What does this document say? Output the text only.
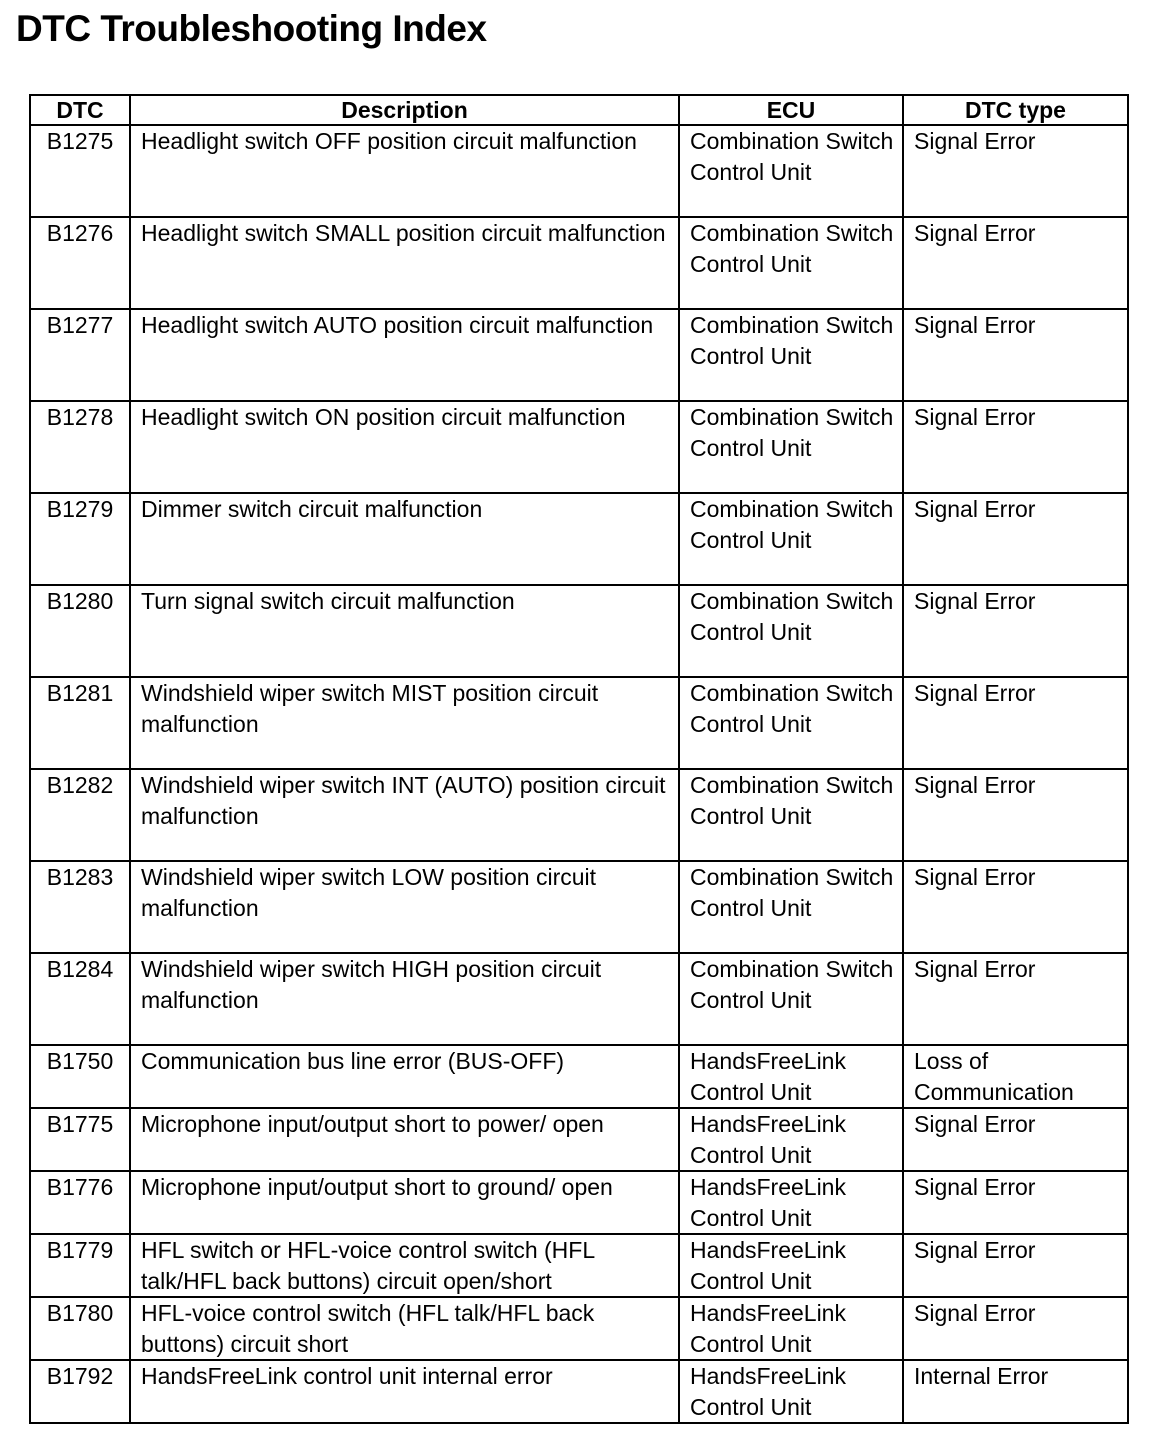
DTC Troubleshooting Index
DTC	Description	ECU	DTC type
B1275	Headlight switch OFF position circuit malfunction	Combination Switch Control Unit	Signal Error
B1276	Headlight switch SMALL position circuit malfunction	Combination Switch Control Unit	Signal Error
B1277	Headlight switch AUTO position circuit malfunction	Combination Switch Control Unit	Signal Error
B1278	Headlight switch ON position circuit malfunction	Combination Switch Control Unit	Signal Error
B1279	Dimmer switch circuit malfunction	Combination Switch Control Unit	Signal Error
B1280	Turn signal switch circuit malfunction	Combination Switch Control Unit	Signal Error
B1281	Windshield wiper switch MIST position circuit malfunction	Combination Switch Control Unit	Signal Error
B1282	Windshield wiper switch INT (AUTO) position circuit malfunction	Combination Switch Control Unit	Signal Error
B1283	Windshield wiper switch LOW position circuit malfunction	Combination Switch Control Unit	Signal Error
B1284	Windshield wiper switch HIGH position circuit malfunction	Combination Switch Control Unit	Signal Error
B1750	Communication bus line error (BUS-OFF)	HandsFreeLink Control Unit	Loss of Communication
B1775	Microphone input/output short to power/ open	HandsFreeLink Control Unit	Signal Error
B1776	Microphone input/output short to ground/ open	HandsFreeLink Control Unit	Signal Error
B1779	HFL switch or HFL-voice control switch (HFL talk/HFL back buttons) circuit open/short	HandsFreeLink Control Unit	Signal Error
B1780	HFL-voice control switch (HFL talk/HFL back buttons) circuit short	HandsFreeLink Control Unit	Signal Error
B1792	HandsFreeLink control unit internal error	HandsFreeLink Control Unit	Internal Error
